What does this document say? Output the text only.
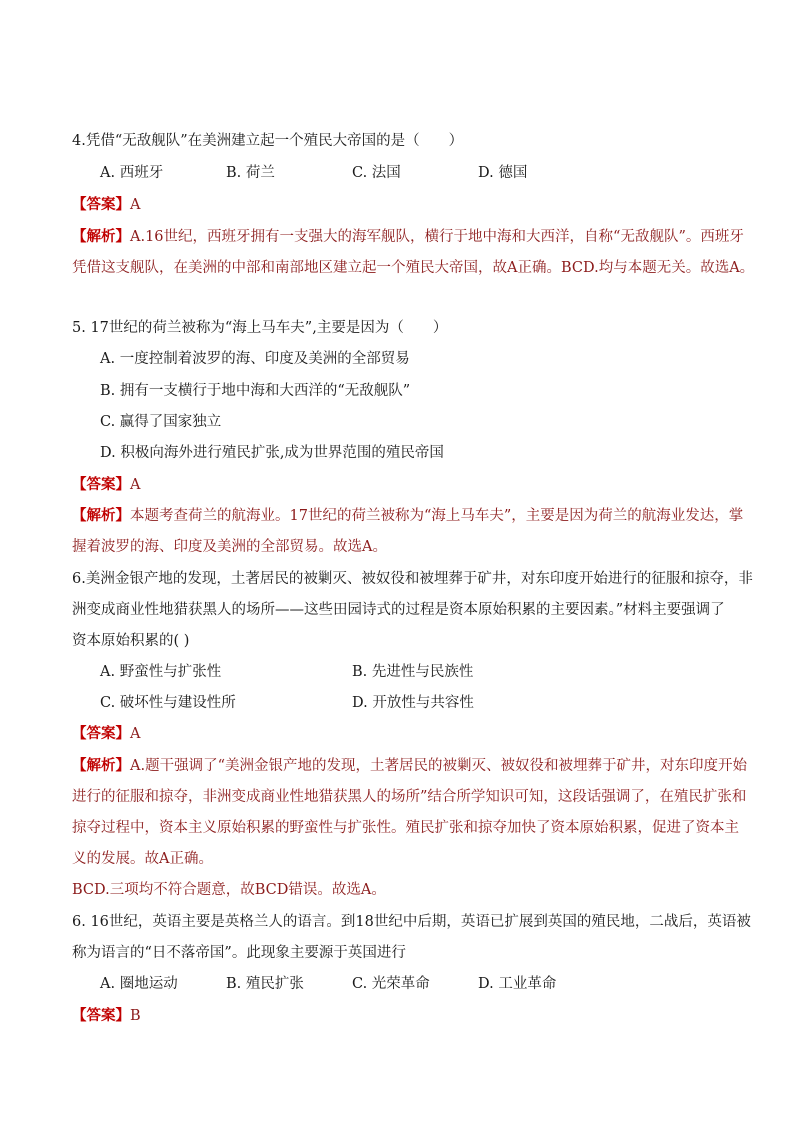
4.凭借“无敌舰队”在美洲建立起一个殖民大帝国的是（　　）
A. 西班牙	B. 荷兰	C. 法国	D. 德国
【答案】A
【解析】A.16世纪，西班牙拥有一支强大的海军舰队，横行于地中海和大西洋，自称“无敌舰队”。西班牙
凭借这支舰队，在美洲的中部和南部地区建立起一个殖民大帝国，故A正确。BCD.均与本题无关。故选A。
5. 17世纪的荷兰被称为“海上马车夫”,主要是因为（　　）
A. 一度控制着波罗的海、印度及美洲的全部贸易
B. 拥有一支横行于地中海和大西洋的“无敌舰队”
C. 赢得了国家独立
D. 积极向海外进行殖民扩张,成为世界范围的殖民帝国
【答案】A
【解析】本题考查荷兰的航海业。17世纪的荷兰被称为“海上马车夫”，主要是因为荷兰的航海业发达，掌
握着波罗的海、印度及美洲的全部贸易。故选A。
6.美洲金银产地的发现，土著居民的被剿灭、被奴役和被埋葬于矿井，对东印度开始进行的征服和掠夺，非
洲变成商业性地猎获黑人的场所——这些田园诗式的过程是资本原始积累的主要因素。”材料主要强调了
资本原始积累的( )
A. 野蛮性与扩张性	B. 先进性与民族性
C. 破坏性与建设性所	D. 开放性与共容性
【答案】A
【解析】A.题干强调了“美洲金银产地的发现，土著居民的被剿灭、被奴役和被埋葬于矿井，对东印度开始
进行的征服和掠夺，非洲变成商业性地猎获黑人的场所”结合所学知识可知，这段话强调了，在殖民扩张和
掠夺过程中，资本主义原始积累的野蛮性与扩张性。殖民扩张和掠夺加快了资本原始积累，促进了资本主
义的发展。故A正确。
BCD.三项均不符合题意，故BCD错误。故选A。
6. 16世纪，英语主要是英格兰人的语言。到18世纪中后期，英语已扩展到英国的殖民地，二战后，英语被
称为语言的“日不落帝国”。此现象主要源于英国进行
A. 圈地运动	B. 殖民扩张	C. 光荣革命	D. 工业革命
【答案】B
